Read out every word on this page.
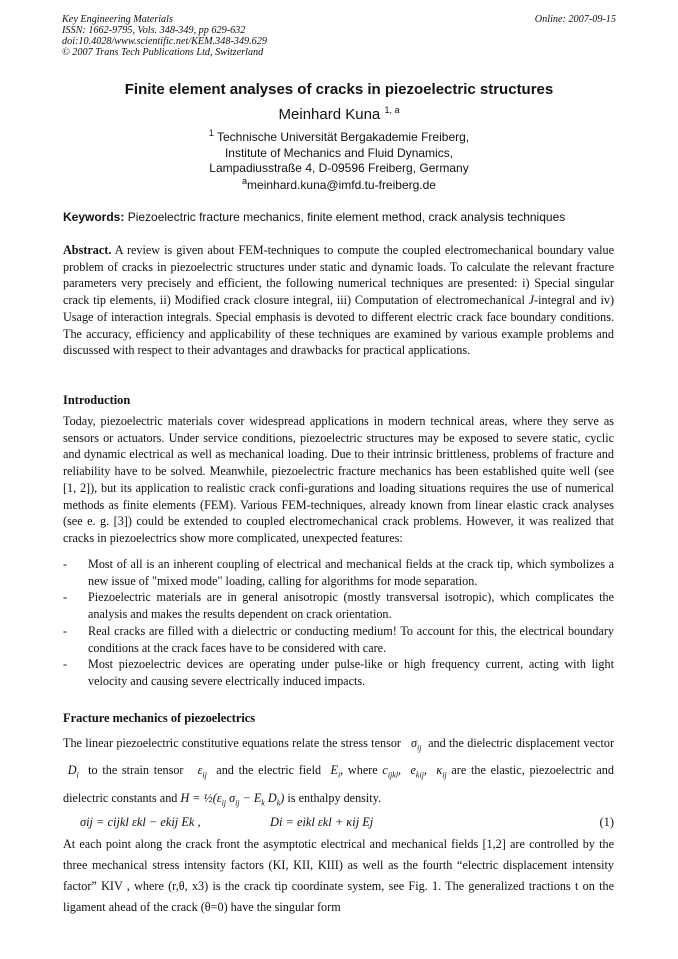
Key Engineering Materials
ISSN: 1662-9795, Vols. 348-349, pp 629-632
doi:10.4028/www.scientific.net/KEM.348-349.629
© 2007 Trans Tech Publications Ltd, Switzerland
Online: 2007-09-15
Finite element analyses of cracks in piezoelectric structures
Meinhard Kuna $^{1, a}$
$^1$ Technische Universität Bergakademie Freiberg,
Institute of Mechanics and Fluid Dynamics,
Lampadiusstraße 4, D-09596 Freiberg, Germany
$^a$meinhard.kuna@imfd.tu-freiberg.de
Keywords: Piezoelectric fracture mechanics, finite element method, crack analysis techniques
Abstract. A review is given about FEM-techniques to compute the coupled electromechanical boundary value problem of cracks in piezoelectric structures under static and dynamic loads. To calculate the relevant fracture parameters very precisely and efficient, the following numerical techniques are presented: i) Special singular crack tip elements, ii) Modified crack closure integral, iii) Computation of electromechanical J-integral and iv) Usage of interaction integrals. Special emphasis is devoted to different electric crack face boundary conditions. The accuracy, efficiency and applicability of these techniques are examined by various example problems and discussed with respect to their advantages and drawbacks for practical applications.
Introduction
Today, piezoelectric materials cover widespread applications in modern technical areas, where they serve as sensors or actuators. Under service conditions, piezoelectric structures may be exposed to severe static, cyclic and dynamic electrical as well as mechanical loading. Due to their intrinsic brittleness, problems of fracture and reliability have to be solved. Meanwhile, piezoelectric fracture mechanics has been established quite well (see [1, 2]), but its application to realistic crack confi-gurations and loading situations requires the use of numerical methods as finite elements (FEM). Various FEM-techniques, already known from linear elastic crack analyses (see e. g. [3]) could be extended to coupled electromechanical crack problems. However, it was realized that cracks in piezoelectrics show more complicated, unexpected features:
- Most of all is an inherent coupling of electrical and mechanical fields at the crack tip, which symbolizes a new issue of "mixed mode" loading, calling for algorithms for mode separation.
- Piezoelectric materials are in general anisotropic (mostly transversal isotropic), which complicates the analysis and makes the results dependent on crack orientation.
- Real cracks are filled with a dielectric or conducting medium! To account for this, the electrical boundary conditions at the crack faces have to be considered with care.
- Most piezoelectric devices are operating under pulse-like or high frequency current, acting with light velocity and causing severe electrically induced impacts.
Fracture mechanics of piezoelectrics
The linear piezoelectric constitutive equations relate the stress tensor $\sigma_{ij}$ and the dielectric displacement vector  $D_i$ to the strain tensor $\varepsilon_{ij}$ and the electric field $E_i$, where $c_{ijkl}$,  $e_{kij}$,  $\kappa_{ij}$ are the elastic, piezoelectric and dielectric constants and $H = \frac{1}{2}(\varepsilon_{ij}$ $\sigma_{ij} - E_k$ $D_k$) is enthalpy density.
σij = cijkl εkl − ekij Ek ,	Di = eikl εkl + κij Ej	(1)
At each point along the crack front the asymptotic electrical and mechanical fields [1,2] are controlled by the three mechanical stress intensity factors (KI, KII, KIII) as well as the fourth “electric displacement intensity factor” KIV , where (r,θ, x3) is the crack tip coordinate system, see Fig. 1. The generalized tractions t on the ligament ahead of the crack (θ=0) have the singular form
